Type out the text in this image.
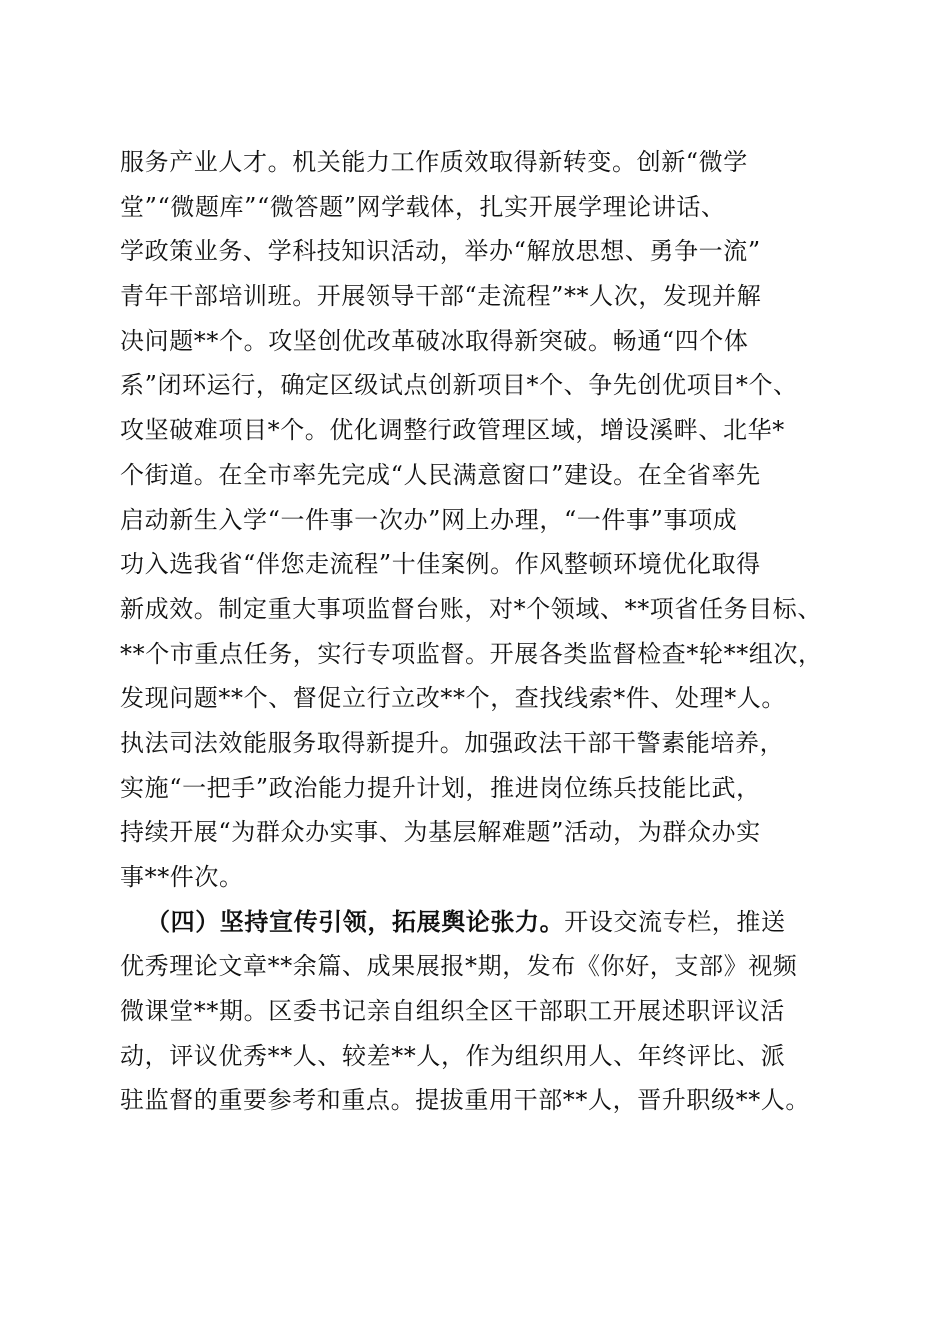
服务产业人才。机关能力工作质效取得新转变。创新“微学
堂”“微题库”“微答题”网学载体，扎实开展学理论讲话、
学政策业务、学科技知识活动，举办“解放思想、勇争一流”
青年干部培训班。开展领导干部“走流程”**人次，发现并解
决问题**个。攻坚创优改革破冰取得新突破。畅通“四个体
系”闭环运行，确定区级试点创新项目*个、争先创优项目*个、
攻坚破难项目*个。优化调整行政管理区域，增设溪畔、北华*
个街道。在全市率先完成“人民满意窗口”建设。在全省率先
启动新生入学“一件事一次办”网上办理，“一件事”事项成
功入选我省“伴您走流程”十佳案例。作风整顿环境优化取得
新成效。制定重大事项监督台账，对*个领域、**项省任务目标、
**个市重点任务，实行专项监督。开展各类监督检查*轮**组次，
发现问题**个、督促立行立改**个，查找线索*件、处理*人。
执法司法效能服务取得新提升。加强政法干部干警素能培养，
实施“一把手”政治能力提升计划，推进岗位练兵技能比武，
持续开展“为群众办实事、为基层解难题”活动，为群众办实
事**件次。
（四）坚持宣传引领，拓展舆论张力。开设交流专栏，推送
优秀理论文章**余篇、成果展报*期，发布《你好，支部》视频
微课堂**期。区委书记亲自组织全区干部职工开展述职评议活
动，评议优秀**人、较差**人，作为组织用人、年终评比、派
驻监督的重要参考和重点。提拔重用干部**人，晋升职级**人。
